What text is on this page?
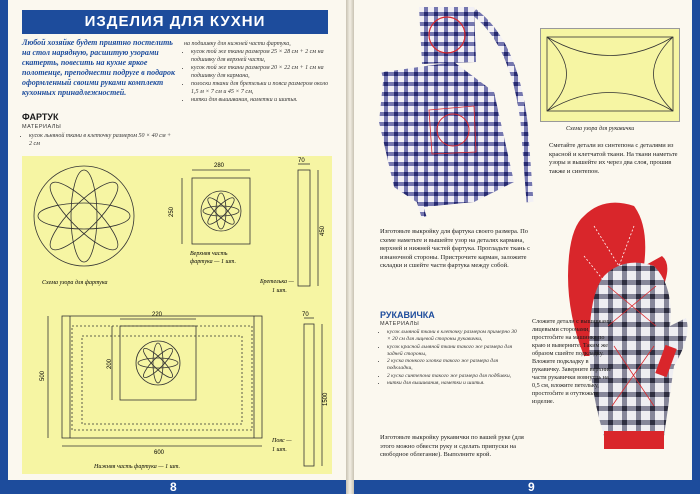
ИЗДЕЛИЯ ДЛЯ КУХНИ
Любой хозяйке будет приятно постелить на стол нарядную, расшитую узорами скатерть, повесить на кухне яркое полотенце, преподнести подруге в подарок оформленный своими руками комплект кухонных принадлежностей.
ФАРТУК
МАТЕРИАЛЫ
• кусок льняной ткани в клеточку размером 50 × 40 см + 2 см
на подшивку для нижней части фартука,
• кусок той же ткани размером 25 × 28 см + 2 см на подшивку для верхней части,
• кусок той же ткани размером 20 × 22 см + 1 см на подшивку для кармана,
• полоски ткани для бретельки и пояса размером около 1,5 м × 7 см и 45 × 7 см,
• нитки для вышивания, наметки и шитья.
Схема узора для фартука
280
250
Верхняя часть
фартука — 1 шт.
70
450
Бретелька —
1 шт.
220
200
500
600
Нижняя часть фартука — 1 шт.
70
1500
Пояс —
1 шт.
8
Схема узора для рукавички
Сметайте детали из синтепона с деталями из красной и клетчатой ткани. На ткани наметьте узоры и вышейте их через два слоя, прошив также и синтепон.
Изготовьте выкройку для фартука своего размера. По схеме наметьте и вышейте узор на деталях кармана, верхней и нижней частей фартука. Прогладьте ткань с изнаночной стороны. Пристрочите карман, заложите складки и сшейте части фартука между собой.
РУКАВИЧКА
МАТЕРИАЛЫ
• кусок льняной ткани в клеточку размером примерно 30 × 20 см для лицевой стороны рукавички,
• кусок красной льняной ткани такого же размера для задней стороны,
• 2 куска тонкого хлопка такого же размера для подкладки,
• 2 куска синтепона такого же размера для подбивки,
• нитки для вышивания, наметки и шитья.
Изготовьте выкройку рукавички по вашей руке (для этого можно обвести руку и сделать припуски на свободное облегание). Выполните крой.
Сложите детали с вышивками лицевыми сторонами, простročите на машинке по краю и выверните. Таким же образом сшейте подкладку. Вложите подкладку в рукавичку. Заверните верхние части рукавички вовнутрь на 0,5 см, вложите петельку, простročите и отутюжьте изделие.
9
